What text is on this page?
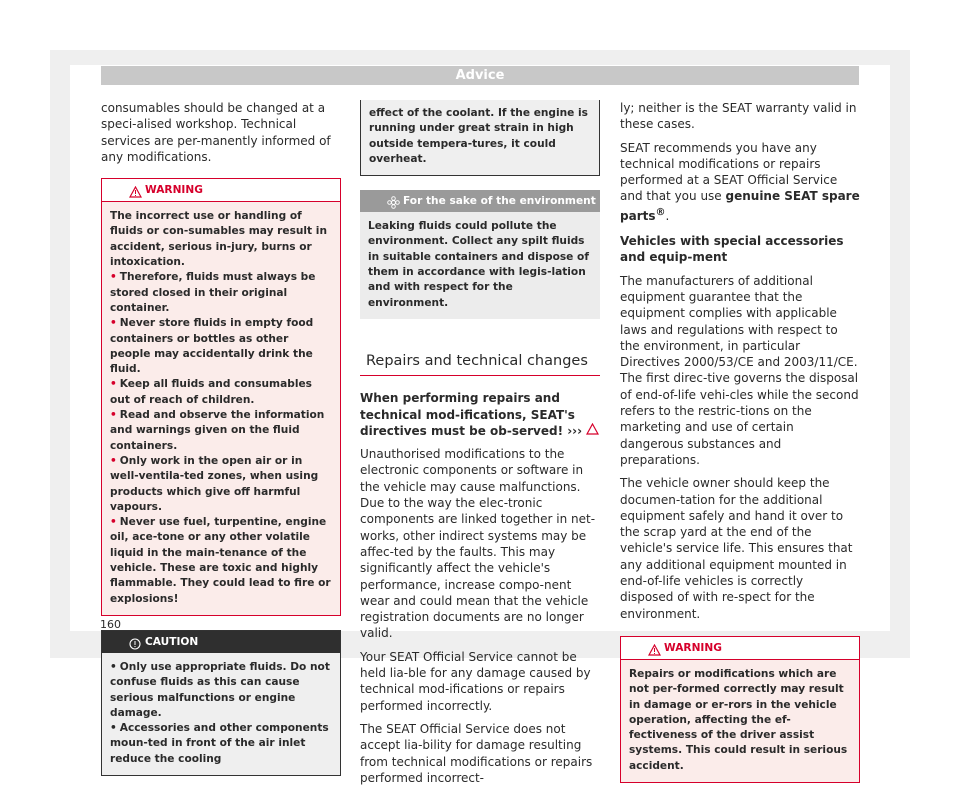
Advice

consumables should be changed at a speci-alised workshop. Technical services are per-manently informed of any modifications.

WARNING

The incorrect use or handling of fluids or con-sumables may result in accident, serious in-jury, burns or intoxication.

• Therefore, fluids must always be stored closed in their original container.

• Never store fluids in empty food containers or bottles as other people may accidentally drink the fluid.

• Keep all fluids and consumables out of reach of children.

• Read and observe the information and warnings given on the fluid containers.

• Only work in the open air or in well-ventila-ted zones, when using products which give off harmful vapours.

• Never use fuel, turpentine, engine oil, ace-tone or any other volatile liquid in the main-tenance of the vehicle. These are toxic and highly flammable. They could lead to fire or explosions!

CAUTION

• Only use appropriate fluids. Do not confuse fluids as this can cause serious malfunctions or engine damage.

• Accessories and other components moun-ted in front of the air inlet reduce the cooling

effect of the coolant. If the engine is running under great strain in high outside tempera-tures, it could overheat.
For the sake of the environment
Leaking fluids could pollute the environment. Collect any spilt fluids in suitable containers and dispose of them in accordance with legis-lation and with respect for the environment.
Repairs and technical changes

When performing repairs and technical mod-ifications, SEAT's directives must be ob-served! ›››

Unauthorised modifications to the electronic components or software in the vehicle may cause malfunctions. Due to the way the elec-tronic components are linked together in net-works, other indirect systems may be affec-ted by the faults. This may significantly affect the vehicle's performance, increase compo-nent wear and could mean that the vehicle registration documents are no longer valid.

Your SEAT Official Service cannot be held lia-ble for any damage caused by technical mod-ifications or repairs performed incorrectly.

The SEAT Official Service does not accept lia-bility for damage resulting from technical modifications or repairs performed incorrect-

ly; neither is the SEAT warranty valid in these cases.

SEAT recommends you have any technical modifications or repairs performed at a SEAT Official Service and that you use genuine SEAT spare parts®.

Vehicles with special accessories and equip-ment

The manufacturers of additional equipment guarantee that the equipment complies with applicable laws and regulations with respect to the environment, in particular Directives 2000/53/CE and 2003/11/CE. The first direc-tive governs the disposal of end-of-life vehi-cles while the second refers to the restric-tions on the marketing and use of certain dangerous substances and preparations.

The vehicle owner should keep the documen-tation for the additional equipment safely and hand it over to the scrap yard at the end of the vehicle's service life. This ensures that any additional equipment mounted in end-of-life vehicles is correctly disposed of with re-spect for the environment.

WARNING
Repairs or modifications which are not per-formed correctly may result in damage or er-rors in the vehicle operation, affecting the ef-fectiveness of the driver assist systems. This could result in serious accident.
160
